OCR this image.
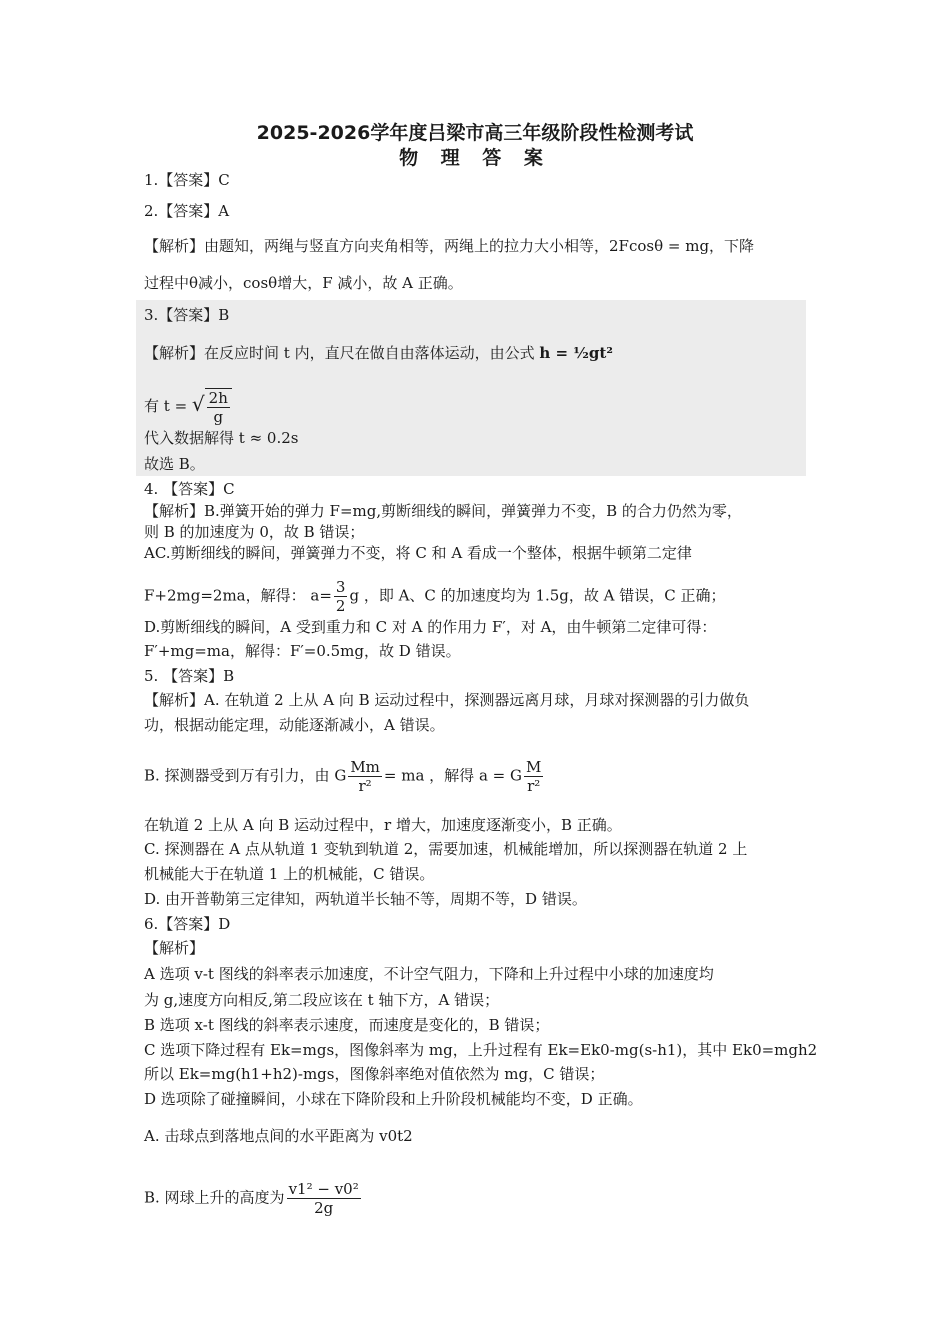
2025-2026学年度吕梁市高三年级阶段性检测考试
物 理 答 案
1.【答案】C
2.【答案】A
【解析】由题知，两绳与竖直方向夹角相等，两绳上的拉力大小相等，2Fcosθ = mg，下降
过程中θ减小，cosθ增大，F 减小，故 A 正确。
3.【答案】B
【解析】在反应时间 t 内，直尺在做自由落体运动，由公式 h = ½gt²
有 t = √ $\frac{2h}{g}$
代入数据解得 t ≈ 0.2s
故选 B。
4. 【答案】C
【解析】B.弹簧开始的弹力 F=mg,剪断细线的瞬间，弹簧弹力不变，B 的合力仍然为零，
则 B 的加速度为 0，故 B 错误；
AC.剪断细线的瞬间，弹簧弹力不变，将 C 和 A 看成一个整体，根据牛顿第二定律
F+2mg=2ma，解得： $a= \frac{3}{2}$ g ，即 A、C 的加速度均为 1.5g，故 A 错误，C 正确；
D.剪断细线的瞬间，A 受到重力和 C 对 A 的作用力 F′，对 A，由牛顿第二定律可得：
F′+mg=ma，解得：F′=0.5mg，故 D 错误。
5. 【答案】B
【解析】A. 在轨道 2 上从 A 向 B 运动过程中，探测器远离月球，月球对探测器的引力做负
功，根据动能定理，动能逐渐减小，A 错误。
B. 探测器受到万有引力，由 G $\frac{Mm}{\text{r²}}$ = ma ，解得 a = G $\frac{M}{\text{r²}}$
在轨道 2 上从 A 向 B 运动过程中，r 增大，加速度逐渐变小，B 正确。
C. 探测器在 A 点从轨道 1 变轨到轨道 2，需要加速，机械能增加，所以探测器在轨道 2 上
机械能大于在轨道 1 上的机械能，C 错误。
D. 由开普勒第三定律知，两轨道半长轴不等，周期不等，D 错误。
6.【答案】D
【解析】
A 选项 v-t 图线的斜率表示加速度，不计空气阻力，下降和上升过程中小球的加速度均
为 g,速度方向相反,第二段应该在 t 轴下方，A 错误；
B 选项 x-t 图线的斜率表示速度，而速度是变化的，B 错误；
C 选项下降过程有 Ek=mgs，图像斜率为 mg，上升过程有 Ek=Ek0-mg(s-h1)，其中 Ek0=mgh2
所以 Ek=mg(h1+h2)-mgs，图像斜率绝对值依然为 mg，C 错误；
D 选项除了碰撞瞬间，小球在下降阶段和上升阶段机械能均不变，D 正确。
A. 击球点到落地点间的水平距离为 v0t2
B. 网球上升的高度为 $\frac{\text{v1² − v0²}}{2g}$
